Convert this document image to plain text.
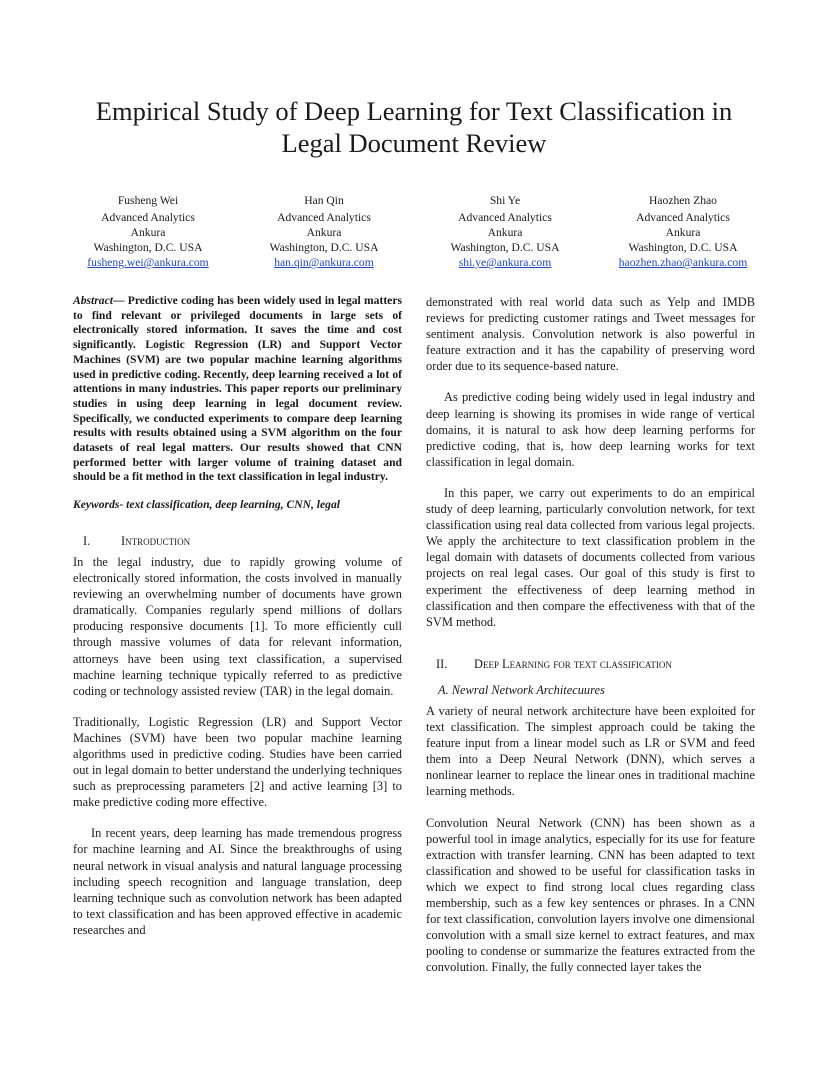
Empirical Study of Deep Learning for Text Classification in
Legal Document Review
Fusheng Wei
Advanced Analytics
Ankura
Washington, D.C. USA
fusheng.wei@ankura.com
Han Qin
Advanced Analytics
Ankura
Washington, D.C. USA
han.qin@ankura.com
Shi Ye
Advanced Analytics
Ankura
Washington, D.C. USA
shi.ye@ankura.com
Haozhen Zhao
Advanced Analytics
Ankura
Washington, D.C. USA
haozhen.zhao@ankura.com

Abstract— Predictive coding has been widely used in legal matters to find relevant or privileged documents in large sets of electronically stored information. It saves the time and cost significantly. Logistic Regression (LR) and Support Vector Machines (SVM) are two popular machine learning algorithms used in predictive coding. Recently, deep learning received a lot of attentions in many industries. This paper reports our preliminary studies in using deep learning in legal document review. Specifically, we conducted experiments to compare deep learning results with results obtained using a SVM algorithm on the four datasets of real legal matters. Our results showed that CNN performed better with larger volume of training dataset and should be a fit method in the text classification in legal industry.

Keywords- text classification, deep learning, CNN, legal

I. Introduction

In the legal industry, due to rapidly growing volume of electronically stored information, the costs involved in manually reviewing an overwhelming number of documents have grown dramatically. Companies regularly spend millions of dollars producing responsive documents [1]. To more efficiently cull through massive volumes of data for relevant information, attorneys have been using text classification, a supervised machine learning technique typically referred to as predictive coding or technology assisted review (TAR) in the legal domain.

Traditionally, Logistic Regression (LR) and Support Vector Machines (SVM) have been two popular machine learning algorithms used in predictive coding. Studies have been carried out in legal domain to better understand the underlying techniques such as preprocessing parameters [2] and active learning [3] to make predictive coding more effective.

In recent years, deep learning has made tremendous progress for machine learning and AI. Since the breakthroughs of using neural network in visual analysis and natural language processing including speech recognition and language translation, deep learning technique such as convolution network has been adapted to text classification and has been approved effective in academic researches and

demonstrated with real world data such as Yelp and IMDB reviews for predicting customer ratings and Tweet messages for sentiment analysis. Convolution network is also powerful in feature extraction and it has the capability of preserving word order due to its sequence-based nature.

As predictive coding being widely used in legal industry and deep learning is showing its promises in wide range of vertical domains, it is natural to ask how deep learning performs for predictive coding, that is, how deep learning works for text classification in legal domain.

In this paper, we carry out experiments to do an empirical study of deep learning, particularly convolution network, for text classification using real data collected from various legal projects. We apply the architecture to text classification problem in the legal domain with datasets of documents collected from various projects on real legal cases. Our goal of this study is first to experiment the effectiveness of deep learning method in classification and then compare the effectiveness with that of the SVM method.

II. Deep Learning for text classification
A. Newral Network Architecuures

A variety of neural network architecture have been exploited for text classification. The simplest approach could be taking the feature input from a linear model such as LR or SVM and feed them into a Deep Neural Network (DNN), which serves a nonlinear learner to replace the linear ones in traditional machine learning methods.

Convolution Neural Network (CNN) has been shown as a powerful tool in image analytics, especially for its use for feature extraction with transfer learning. CNN has been adapted to text classification and showed to be useful for classification tasks in which we expect to find strong local clues regarding class membership, such as a few key sentences or phrases. In a CNN for text classification, convolution layers involve one dimensional convolution with a small size kernel to extract features, and max pooling to condense or summarize the features extracted from the convolution. Finally, the fully connected layer takes the
